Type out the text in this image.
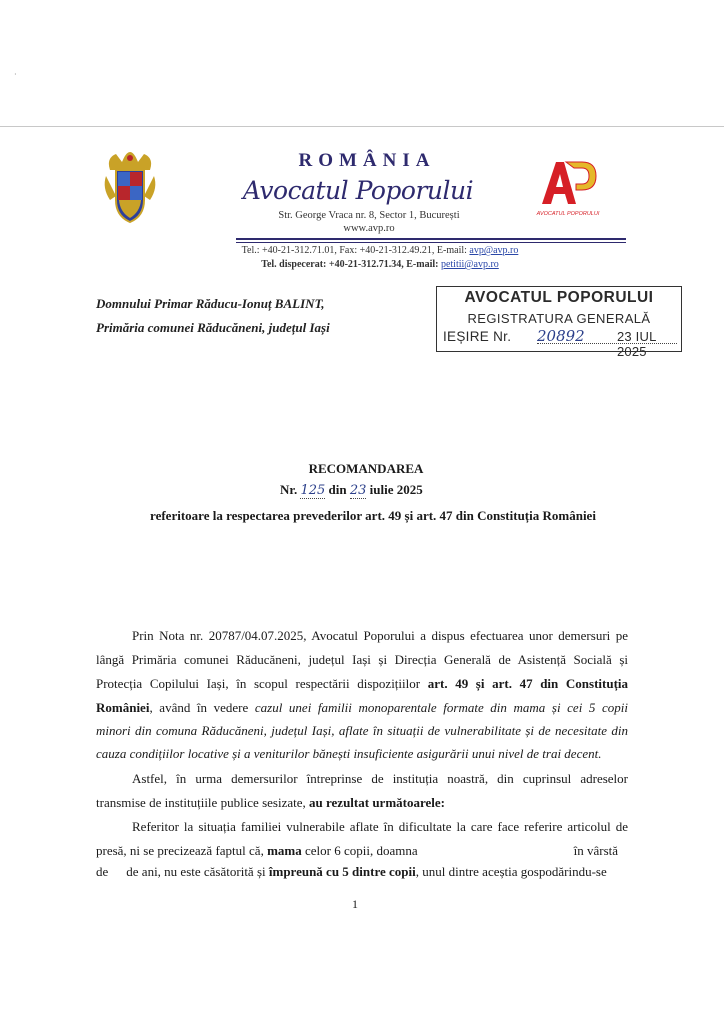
·
AVOCATUL POPORULUI
ROMÂNIA
Avocatul Poporului
Str. George Vraca nr. 8, Sector 1, București
www.avp.ro
Tel.: +40-21-312.71.01, Fax: +40-21-312.49.21, E-mail: avp@avp.ro
Tel. dispecerat: +40-21-312.71.34, E-mail: petitii@avp.ro
Domnului Primar Răducu-Ionuț BALINT,
Primăria comunei Răducăneni, județul Iași
AVOCATUL POPORULUI
REGISTRATURA GENERALĂ
IEȘIRE Nr. 20892 23 IUL 2025
RECOMANDAREA
Nr. 125 din 23 iulie 2025
referitoare la respectarea prevederilor art. 49 și art. 47 din Constituția României
Prin Nota nr. 20787/04.07.2025, Avocatul Poporului a dispus efectuarea unor demersuri pe
lângă Primăria comunei Răducăneni, județul Iași și Direcția Generală de Asistență Socială și
Protecția Copilului Iași, în scopul respectării dispozițiilor art. 49 și art. 47 din Constituția
României, având în vedere cazul unei familii monoparentale formate din mama și cei 5 copii
minori din comuna Răducăneni, județul Iași, aflate în situații de vulnerabilitate și de necesitate din
cauza condițiilor locative și a veniturilor bănești insuficiente asigurării unui nivel de trai decent.
Astfel, în urma demersurilor întreprinse de instituția noastră, din cuprinsul adreselor
transmise de instituțiile publice sesizate, au rezultat următoarele:
Referitor la situația familiei vulnerabile aflate în dificultate la care face referire articolul de
presă, ni se precizează faptul că, mama celor 6 copii, doamna	în vârstă
de de ani, nu este căsătorită și împreună cu 5 dintre copii, unul dintre aceștia gospodărindu-se
1
